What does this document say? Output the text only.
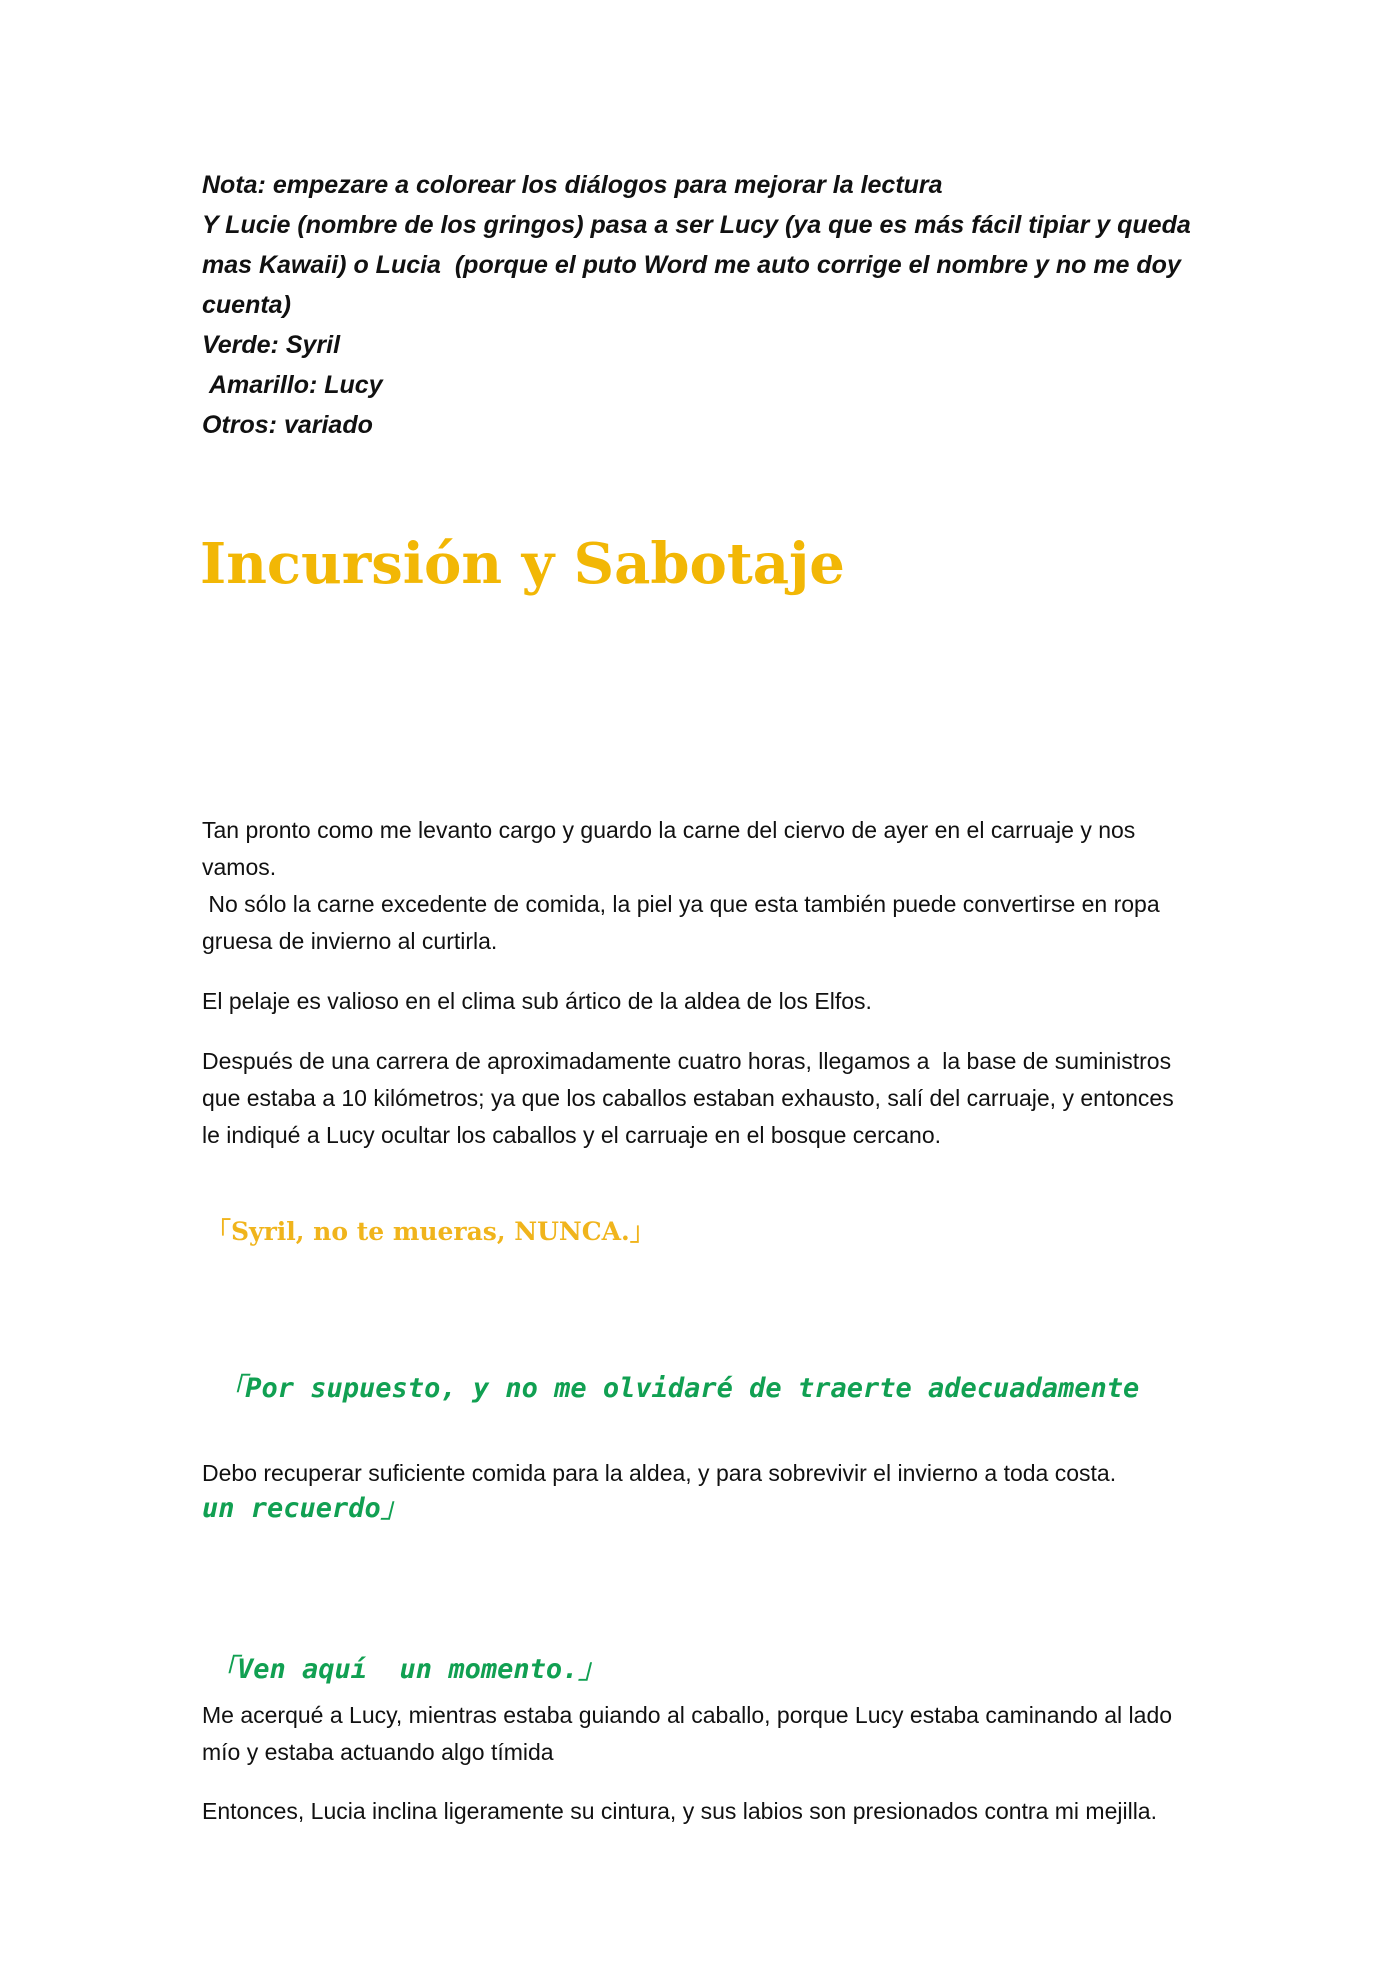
Nota: empezare a colorear los diálogos para mejorar la lectura

Y Lucie (nombre de los gringos) pasa a ser Lucy (ya que es más fácil tipiar y queda

mas Kawaii) o Lucia  (porque el puto Word me auto corrige el nombre y no me doy

cuenta)

Verde: Syril

Amarillo: Lucy

Otros: variado

Incursión y Sabotaje

Tan pronto como me levanto cargo y guardo la carne del ciervo de ayer en el carruaje y nos
vamos.
No sólo la carne excedente de comida, la piel ya que esta también puede convertirse en ropa
gruesa de invierno al curtirla.

El pelaje es valioso en el clima sub ártico de la aldea de los Elfos.

Después de una carrera de aproximadamente cuatro horas, llegamos a  la base de suministros
que estaba a 10 kilómetros; ya que los caballos estaban exhausto, salí del carruaje, y entonces
le indiqué a Lucy ocultar los caballos y el carruaje en el bosque cercano.

「Syril, no te mueras, NUNCA.」

「Por supuesto, y no me olvidaré de traerte adecuadamente

un recuerdo」

Debo recuperar suficiente comida para la aldea, y para sobrevivir el invierno a toda costa.

「Ven aquí  un momento.」

Me acerqué a Lucy, mientras estaba guiando al caballo, porque Lucy estaba caminando al lado
mío y estaba actuando algo tímida

Entonces, Lucia inclina ligeramente su cintura, y sus labios son presionados contra mi mejilla.
